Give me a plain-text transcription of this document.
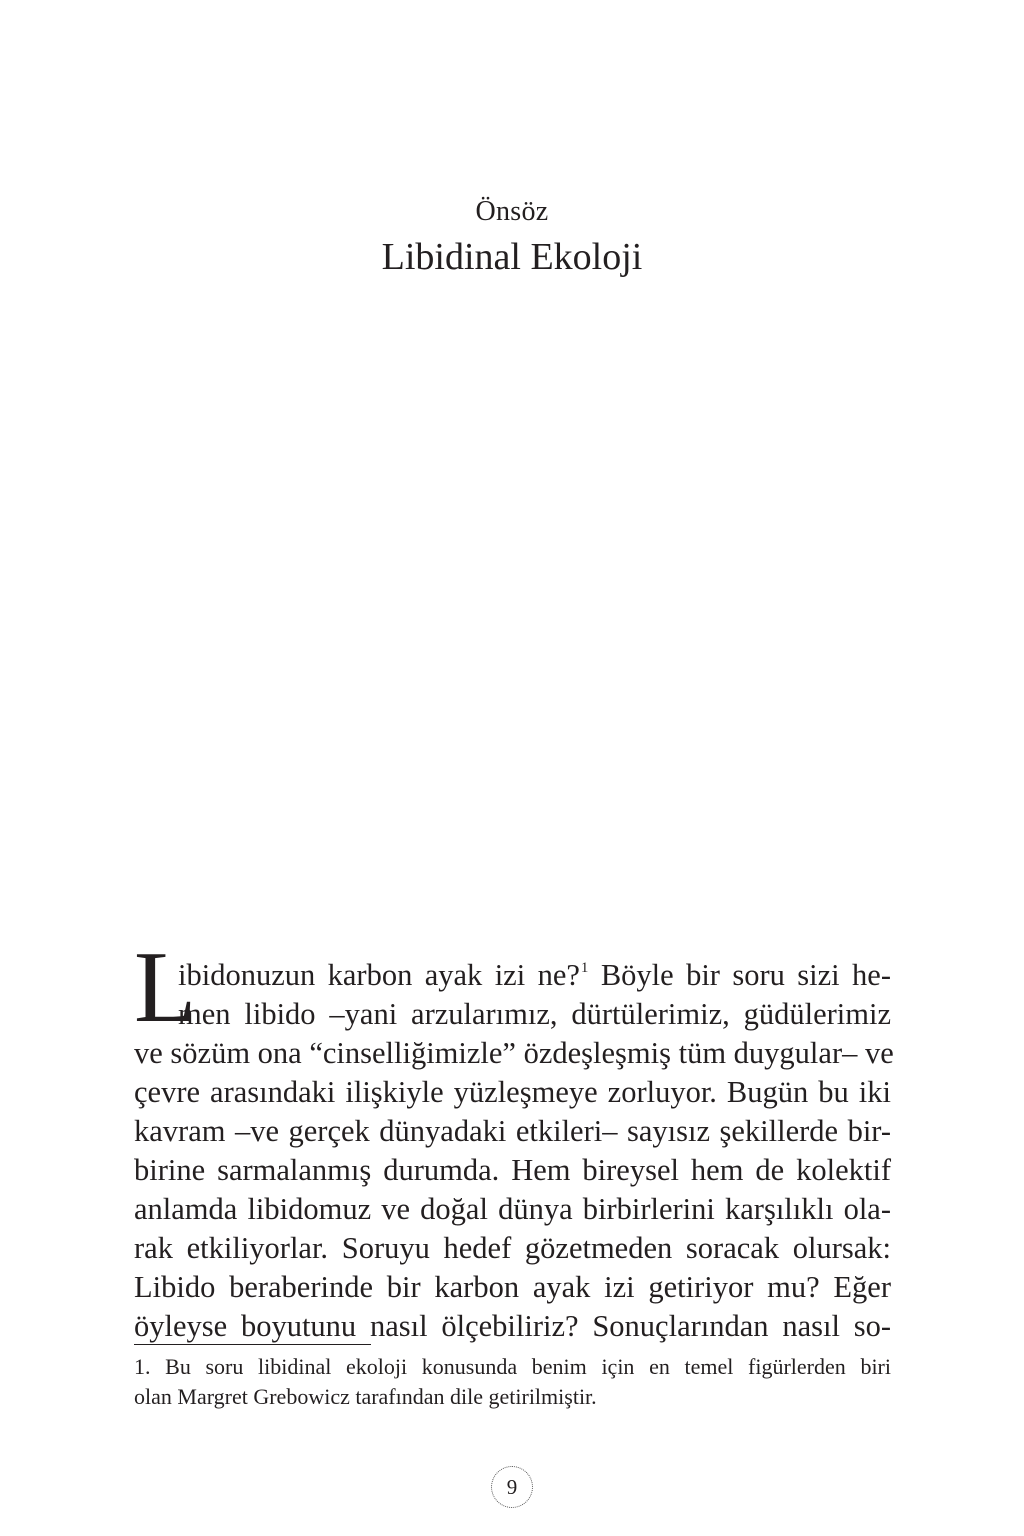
Önsöz
Libidinal Ekoloji
L
ibidonuzun karbon ayak izi ne?$^1$ Böyle bir soru sizi he-
men libido –yani arzularımız, dürtülerimiz, güdülerimiz
ve sözüm ona “cinselliğimizle” özdeşleşmiş tüm duygular– ve
çevre arasındaki ilişkiyle yüzleşmeye zorluyor. Bugün bu iki
kavram –ve gerçek dünyadaki etkileri– sayısız şekillerde bir-
birine sarmalanmış durumda. Hem bireysel hem de kolektif
anlamda libidomuz ve doğal dünya birbirlerini karşılıklı ola-
rak etkiliyorlar. Soruyu hedef gözetmeden soracak olursak:
Libido beraberinde bir karbon ayak izi getiriyor mu? Eğer
öyleyse boyutunu nasıl ölçebiliriz? Sonuçlarından nasıl so-
1. Bu soru libidinal ekoloji konusunda benim için en temel figürlerden biri
olan Margret Grebowicz tarafından dile getirilmiştir.
9
